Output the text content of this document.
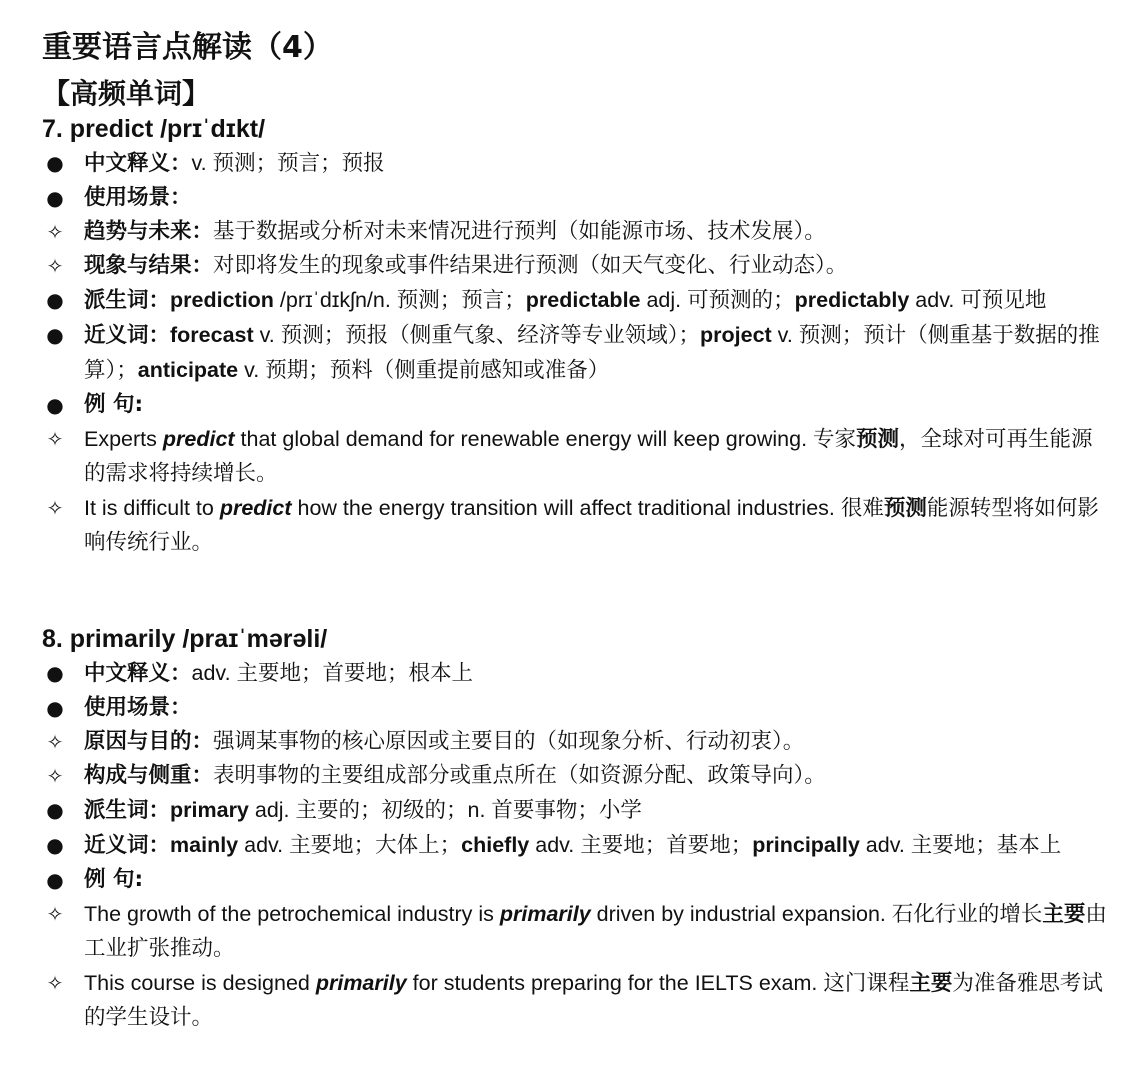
重要语言点解读（4）
【高频单词】
7. predict /prɪˈdɪkt/
● 中文释义：v. 预测；预言；预报
● 使用场景：
✧ 趋势与未来：基于数据或分析对未来情况进行预判（如能源市场、技术发展）。
✧ 现象与结果：对即将发生的现象或事件结果进行预测（如天气变化、行业动态）。
● 派生词：prediction /prɪˈdɪkʃn/n. 预测；预言；predictable adj. 可预测的；predictably adv. 可预见地
● 近义词：forecast v. 预测；预报（侧重气象、经济等专业领域）；project v. 预测；预计（侧重基于数据的推算）；anticipate v. 预期；预料（侧重提前感知或准备）
● 例 句:
✧ Experts predict that global demand for renewable energy will keep growing. 专家预测，全球对可再生能源的需求将持续增长。
✧ It is difficult to predict how the energy transition will affect traditional industries. 很难预测能源转型将如何影响传统行业。
8. primarily /praɪˈmərəli/
● 中文释义：adv. 主要地；首要地；根本上
● 使用场景：
✧ 原因与目的：强调某事物的核心原因或主要目的（如现象分析、行动初衷）。
✧ 构成与侧重：表明事物的主要组成部分或重点所在（如资源分配、政策导向）。
● 派生词：primary adj. 主要的；初级的；n. 首要事物；小学
● 近义词：mainly adv. 主要地；大体上；chiefly adv. 主要地；首要地；principally adv. 主要地；基本上
● 例 句:
✧ The growth of the petrochemical industry is primarily driven by industrial expansion. 石化行业的增长主要由工业扩张推动。
✧ This course is designed primarily for students preparing for the IELTS exam. 这门课程主要为准备雅思考试的学生设计。
